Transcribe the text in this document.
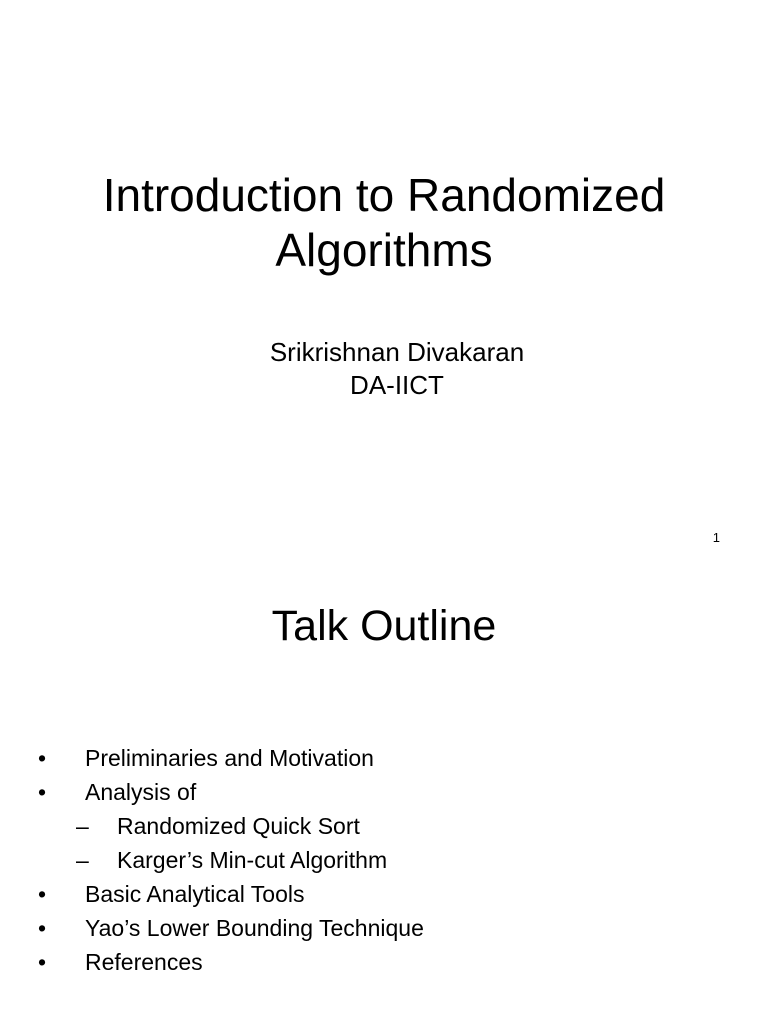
Introduction to Randomized
Algorithms
Srikrishnan Divakaran
DA-IICT
1
Talk Outline
• Preliminaries and Motivation
• Analysis of
– Randomized Quick Sort
– Karger’s Min-cut Algorithm
• Basic Analytical Tools
• Yao’s Lower Bounding Technique
• References
